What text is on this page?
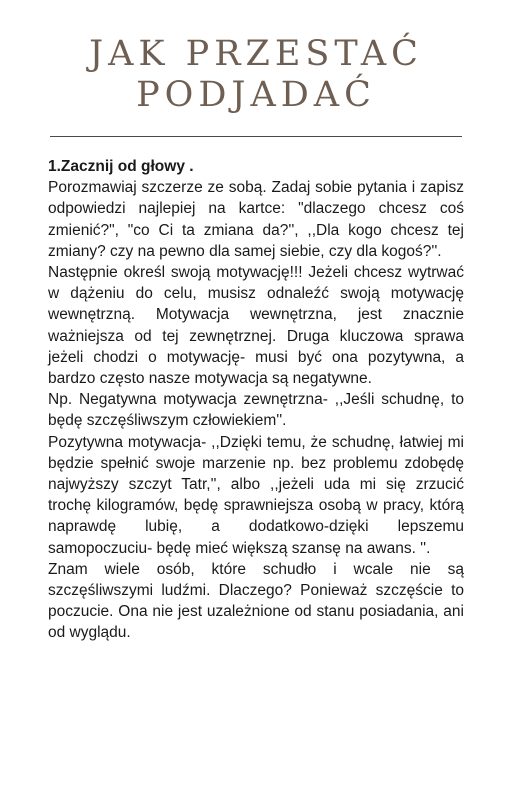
JAK PRZESTAĆ
PODJADAĆ

1.Zacznij od głowy .

Porozmawiaj szczerze ze sobą. Zadaj sobie pytania i zapisz odpowiedzi najlepiej na kartce: "dlaczego chcesz coś zmienić?", "co Ci ta zmiana da?'', ,,Dla kogo chcesz tej zmiany? czy na pewno dla samej siebie, czy dla kogoś?''.

Następnie określ swoją motywację!!! Jeżeli chcesz wytrwać w dążeniu do celu, musisz odnaleźć swoją motywację wewnętrzną. Motywacja wewnętrzna, jest znacznie ważniejsza od tej zewnętrznej. Druga kluczowa sprawa jeżeli chodzi o motywację- musi być ona pozytywna, a bardzo często nasze motywacja są negatywne.

Np. Negatywna motywacja zewnętrzna- ,,Jeśli schudnę, to będę szczęśliwszym człowiekiem''.

Pozytywna motywacja- ,,Dzięki temu, że schudnę, łatwiej mi będzie spełnić swoje marzenie np. bez problemu zdobędę najwyższy szczyt Tatr,'', albo ,,jeżeli uda mi się zrzucić trochę kilogramów, będę sprawniejsza osobą w pracy, którą naprawdę lubię, a dodatkowo-dzięki lepszemu samopoczuciu- będę mieć większą szansę na awans. ''.

Znam wiele osób, które schudło i wcale nie są szczęśliwszymi ludźmi. Dlaczego? Ponieważ szczęście to poczucie. Ona nie jest uzależnione od stanu posiadania, ani od wyglądu.
